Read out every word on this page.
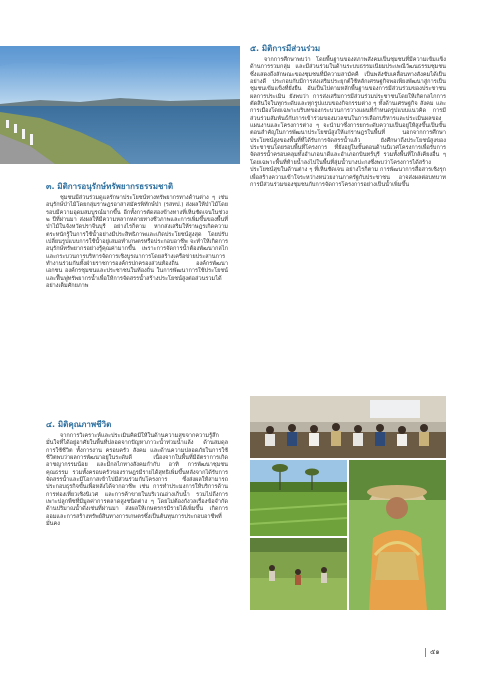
๓. มิติการอนุรักษ์ทรัพยากรธรรมชาติ

ชุมชนมีส่วนร่วมดูแลรักษาประโยชน์ทางทรัพยากรทางด้านต่าง ๆ เช่น อนุรักษ์ป่าไม้โดยกลุ่มราษฎรอาสาสมัครพิทักษ์ป่า (รสทป.) ส่งผลให้ป่าไม้โดยรอบมีความอุดมสมบูรณ์มากขึ้น อีกทั้งการตัดสองข้างทางที่เห็นชัดเจนในช่วง ๒ ปีที่ผ่านมา ส่งผลให้มีความหลากหลายทางชีวภาพและการเพิ่มขึ้นของพื้นที่ป่าไม้ในจังหวัดปราจีนบุรี อย่างไรก็ตาม หากส่งเสริมให้ราษฎรเกิดความตระหนักรู้ในการใช้น้ำอย่างมีประสิทธิภาพและเกิดประโยชน์สูงสุด โดยปรับเปลี่ยนรูปแบบการใช้น้ำอยู่เสมอทำเกษตรหรือประกอบอาชีพ จะทำให้เกิดการอนุรักษ์ทรัพยากรอย่างรู้คุณค่ามากขึ้น เพราะการจัดการน้ำต้องพัฒนากลไกและกระบวนการบริหารจัดการเชิงบูรณาการโดยสร้างเครือข่ายประสานการทำงานร่วมกันทั้งฝ่ายราชการองค์กรปกครองส่วนท้องถิ่น องค์กรพัฒนาเอกชน องค์กรชุมชนและประชาชนในท้องถิ่น ในการพัฒนาการใช้ประโยชน์และฟื้นฟูทรัพยากรน้ำเพื่อให้การจัดสรรน้ำสร้างประโยชน์สูงต่อส่วนรวมได้อย่างเต็มศักยภาพ

๔. มิติคุณภาพชีวิต

จากการวิเคราะห์และประเมินคิดมีให้ในด้านความสุขจากความรู้สึกมั่นใจที่ได้อยู่อาศัยในพื้นที่ปลอดจากปัญหาภาวะน้ำท่วมน้ำแล้ง ด้านสมดุลการใช้ชีวิต ทั้งการงาน ครอบครัว สังคม และด้านความปลอดภัยในการใช้ชีวิตพบว่าผลการพัฒนาอยู่ในระดับดี เนื่องจากในพื้นที่มีอัตราการเกิดอาชญากรรมน้อย และมีกลไกทางสังคมกำกับ อาทิ การพัฒนาชุมชนคุณธรรม รวมทั้งครอบครัวของราษฎรมีรายได้สุทธิเพิ่มขึ้นหลังจากได้รับการจัดสรรน้ำและมีโอกาสเข้าไปมีส่วนร่วมกับโครงการ ซึ่งส่งผลให้สามารถประกอบธุรกิจขั้นเพื่อหลังได้จากอาชีพ เช่น การทำประมงการให้บริการด้านการท่องเที่ยวเชิงนิเวศ และการค้าขายในบริเวณอ่างเก็บน้ำ รวมไปถึงการเพาะปลูกพืชที่มีมูลค่าการตลาดสูงชนิดต่าง ๆ โดยไม่ต้องกังวลเรื่องข้อจำกัดด้านปริมาณน้ำดังเช่นที่ผ่านมา ส่งผลให้เกษตรกรมีรายได้เพิ่มขึ้น เกิดการออมและการสร้างทรัพย์สินทางการเกษตรซึ่งเป็นต้นทุนการประกอบอาชีพที่มั่นคง

๕. มิติการมีส่วนร่วม

จากการศึกษาพบว่า โดยพื้นฐานของสภาพสังคมเป็นชุมชนที่มีความเข้มแข็งด้านการรวมกลุ่ม และมีส่วนร่วมในด้านระบบธรรมเนียมประเพณีวัฒนธรรมชุมชน ซึ่งแสดงถึงลักษณะของชุมชนที่มีความสามัคคี เป็นพลังขับเคลื่อนทางสังคมได้เป็นอย่างดี ประกอบกับมีการส่งเสริมประยุกต์ใช้หลักเศรษฐกิจพอเพียงพัฒนาสู่การเป็นชุมชนเข้มแข็งที่ยั่งยืน อันเป็นไปตามหลักพื้นฐานของการมีส่วนร่วมของประชาชนผลการประเมิน ยังพบว่า การส่งเสริมการมีส่วนร่วมประชาชนโดยให้เกิดกลไกการตัดสินใจในทุกระดับและทุกรูปแบบของกิจกรรมต่าง ๆ ทั้งด้านเศรษฐกิจ สังคม และการเมืองโดยเฉพาะบริบทของกระบวนการวางแผนที่กำหนดรูปแบบแนวคิด การมีส่วนร่วมสัมพันธ์กับการเข้าร่วมของมวลชนในการเลือกบริหารและประเมินผลของแผนงานและโครงการต่าง ๆ จะนำมาซึ่งการยกระดับความเป็นอยู่ให้สูงขึ้นเป็นขั้นตอนสำคัญในการพัฒนาประโยชน์สูงให้แก่ราษฎรในพื้นที่ นอกจากการศึกษาประโยชน์สูงของพื้นที่ที่ได้รับการจัดสรรน้ำแล้ว ยังศึกษาถึงประโยชน์สูงของประชาชนโดยรอบพื้นที่โครงการ ที่ยังอยู่ในขั้นตอนด้านนิเวศโครงการเพื่อรับการจัดสรรน้ำครอบคลุมทั้งอำเภอนาดีและอำเภอกบินทร์บุรี รวมทั้งพื้นที่ใกล้เคียงอื่น ๆ โดยเฉพาะพื้นที่ท้ายน้ำลงไปในพื้นที่ลุ่มน้ำบางปะกงซึ่งพบว่าโครงการได้สร้างประโยชน์สุขในด้านต่าง ๆ ที่เห็นชัดเจน อย่างไรก็ตาม การพัฒนาการสื่อสารเชิงรุกเพื่อสร้างความเข้าใจระหว่างหน่วยงานภาครัฐกับประชาชน อาจส่งผลต่อบทบาทการมีส่วนร่วมของชุมชนกับการจัดการโครงการอย่างเป็นน้ำเพิ่มขึ้น

๕๑
